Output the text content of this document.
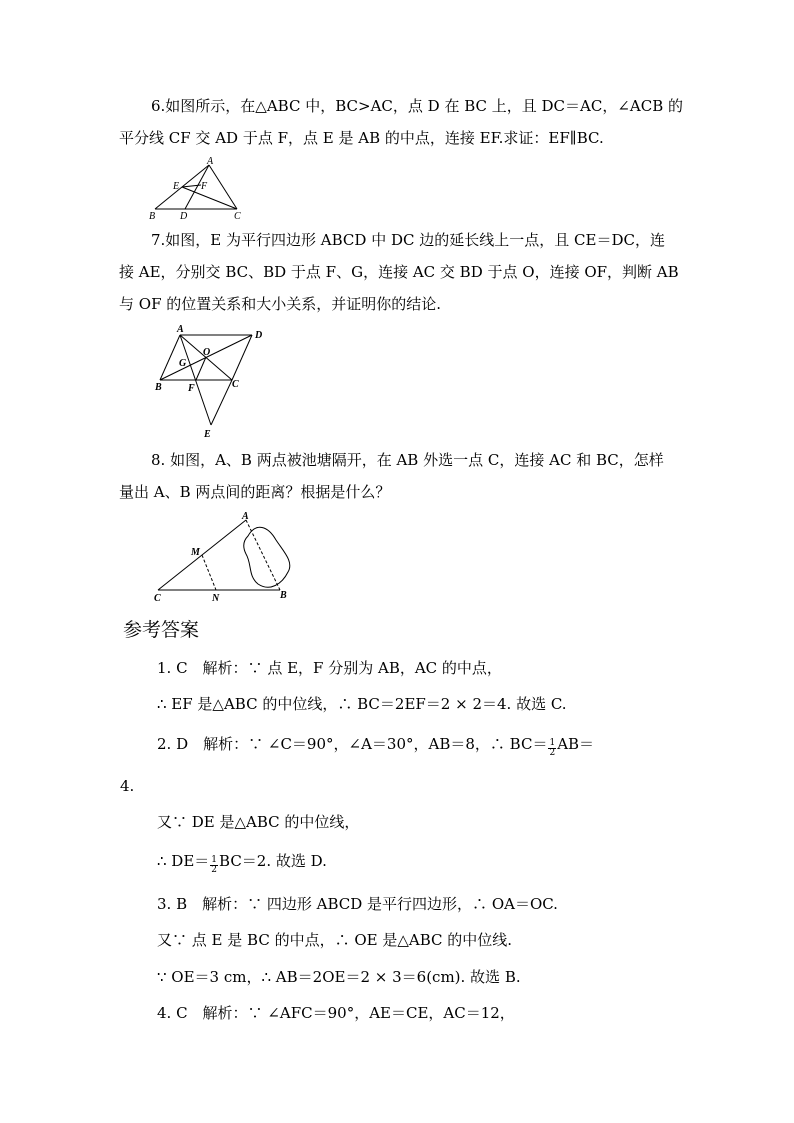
6.如图所示，在△ABC 中，BC>AC，点 D 在 BC 上，且 DC＝AC，∠ACB 的
平分线 CF 交 AD 于点 F，点 E 是 AB 的中点，连接 EF.求证：EF∥BC.
A
E F
B D	C
7.如图，E 为平行四边形 ABCD 中 DC 边的延长线上一点，且 CE＝DC，连
接 AE，分别交 BC、BD 于点 F、G，连接 AC 交 BD 于点 O，连接 OF，判断 AB
与 OF 的位置关系和大小关系，并证明你的结论.
A
D
G
O
B	F	C
E
8. 如图，A、B 两点被池塘隔开，在 AB 外选一点 C，连接 AC 和 BC，怎样
量出 A、B 两点间的距离？根据是什么？
A
M
C	N	B
参考答案
1. C　解析：∵ 点 E，F 分别为 AB，AC 的中点，
∴ EF 是△ABC 的中位线，∴ BC＝2EF＝2 × 2＝4. 故选 C.
2. D　解析：∵ ∠C＝90°，∠A＝30°，AB＝8，∴ $BC= \frac{1}{2} AB=$
4.
又∵ DE 是△ABC 的中位线，
∴ $DE= \frac{1}{2} BC=2$. 故选 D.
3. B　解析：∵ 四边形 ABCD 是平行四边形，∴ OA＝OC.
又∵ 点 E 是 BC 的中点，∴ OE 是△ABC 的中位线.
∵ OE＝3 cm，∴ AB＝2OE＝2 × 3＝6(cm). 故选 B.
4. C　解析：∵ ∠AFC＝90°，AE＝CE，AC＝12，
